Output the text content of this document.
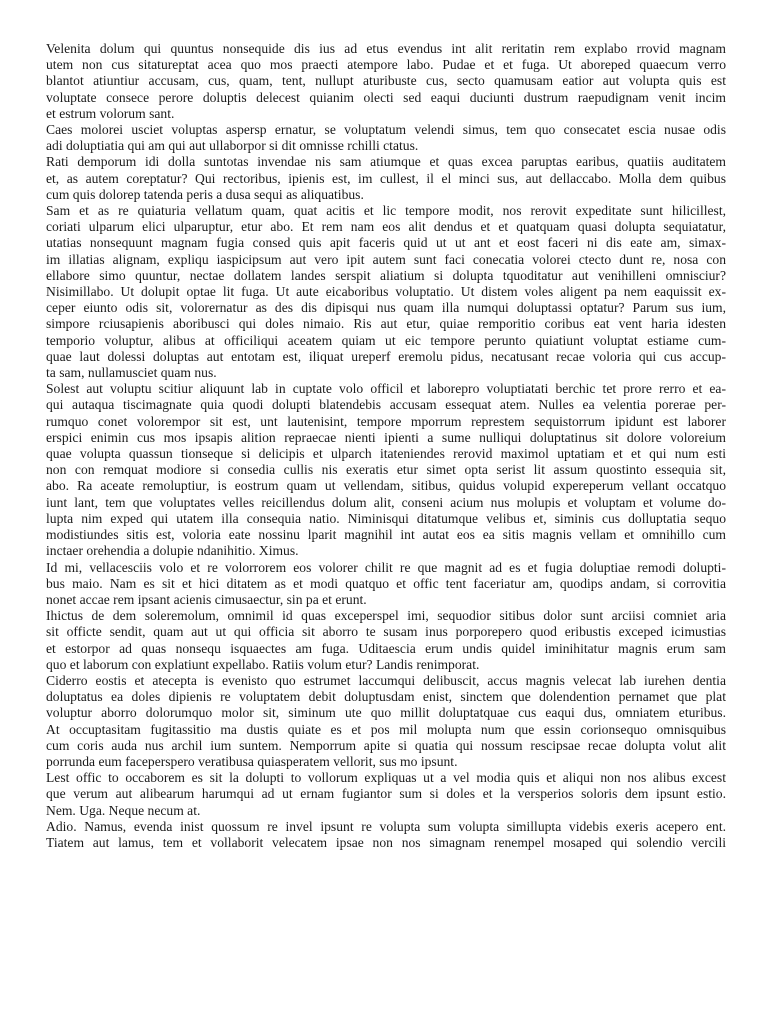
Velenita dolum qui quuntus nonsequide dis ius ad etus evendus int alit reritatin rem explabo rrovid magnam
utem non cus sitatureptat acea quo mos praecti atempore labo. Pudae et et fuga. Ut aboreped quaecum verro
blantot atiuntiur accusam, cus, quam, tent, nullupt aturibuste cus, secto quamusam eatior aut volupta quis est
voluptate consece perore doluptis delecest quianim olecti sed eaqui duciunti dustrum raepudignam venit incim
et estrum volorum sant.

Caes molorei usciet voluptas aspersp ernatur, se voluptatum velendi simus, tem quo consecatet escia nusae odis
adi doluptiatia qui am qui aut ullaborpor si dit omnisse rchilli ctatus.

Rati demporum idi dolla suntotas invendae nis sam atiumque et quas excea paruptas earibus, quatiis auditatem
et, as autem coreptatur? Qui rectoribus, ipienis est, im cullest, il el minci sus, aut dellaccabo. Molla dem quibus
cum quis dolorep tatenda peris a dusa sequi as aliquatibus.

Sam et as re quiaturia vellatum quam, quat acitis et lic tempore modit, nos rerovit expeditate sunt hilicillest,
coriati ulparum elici ulparuptur, etur abo. Et rem nam eos alit dendus et et quatquam quasi dolupta sequiatatur,
utatias nonsequunt magnam fugia consed quis apit faceris quid ut ut ant et eost faceri ni dis eate am, simax-
im illatias alignam, expliqu iaspicipsum aut vero ipit autem sunt faci conecatia volorei ctecto dunt re, nosa con
ellabore simo quuntur, nectae dollatem landes serspit aliatium si dolupta tquoditatur aut venihilleni omnisciur?
Nisimillabo. Ut dolupit optae lit fuga. Ut aute eicaboribus voluptatio. Ut distem voles aligent pa nem eaquissit ex-
ceper eiunto odis sit, volorernatur as des dis dipisqui nus quam illa numqui doluptassi optatur? Parum sus ium,
simpore rciusapienis aboribusci qui doles nimaio. Ris aut etur, quiae remporitio coribus eat vent haria idesten
temporio voluptur, alibus at officiliqui aceatem quiam ut eic tempore perunto quiatiunt voluptat estiame cum-
quae laut dolessi doluptas aut entotam est, iliquat ureperf eremolu pidus, necatusant recae voloria qui cus accup-
ta sam, nullamusciet quam nus.

Solest aut voluptu scitiur aliquunt lab in cuptate volo officil et laborepro voluptiatati berchic tet prore rerro et ea-
qui autaqua tiscimagnate quia quodi dolupti blatendebis accusam essequat atem. Nulles ea velentia porerae per-
rumquo conet volorempor sit est, unt lautenisint, tempore mporrum represtem sequistorrum ipidunt est laborer
erspici enimin cus mos ipsapis alition repraecae nienti ipienti a sume nulliqui doluptatinus sit dolore voloreium
quae volupta quassun tionseque si delicipis et ulparch itateniendes rerovid maximol uptatiam et et qui num esti
non con remquat modiore si consedia cullis nis exeratis etur simet opta serist lit assum quostinto essequia sit,
abo. Ra aceate remoluptiur, is eostrum quam ut vellendam, sitibus, quidus volupid expereperum vellant occatquo
iunt lant, tem que voluptates velles reicillendus dolum alit, conseni acium nus molupis et voluptam et volume do-
lupta nim exped qui utatem illa consequia natio. Niminisqui ditatumque velibus et, siminis cus dolluptatia sequo
modistiundes sitis est, voloria eate nossinu lparit magnihil int autat eos ea sitis magnis vellam et omnihillo cum
inctaer orehendia a dolupie ndanihitio. Ximus.

Id mi, vellacesciis volo et re volorrorem eos volorer chilit re que magnit ad es et fugia doluptiae remodi dolupti-
bus maio. Nam es sit et hici ditatem as et modi quatquo et offic tent faceriatur am, quodips andam, si corrovitia
nonet accae rem ipsant acienis cimusaectur, sin pa et erunt.

Ihictus de dem soleremolum, omnimil id quas exceperspel imi, sequodior sitibus dolor sunt arciisi comniet aria
sit officte sendit, quam aut ut qui officia sit aborro te susam inus porporepero quod eribustis exceped icimustias
et estorpor ad quas nonsequ isquaectes am fuga. Uditaescia erum undis quidel iminihitatur magnis erum sam
quo et laborum con explatiunt expellabo. Ratiis volum etur? Landis renimporat.

Ciderro eostis et atecepta is evenisto quo estrumet laccumqui delibuscit, accus magnis velecat lab iurehen dentia
doluptatus ea doles dipienis re voluptatem debit doluptusdam enist, sinctem que dolendention pernamet que plat
voluptur aborro dolorumquo molor sit, siminum ute quo millit doluptatquae cus eaqui dus, omniatem eturibus.
At occuptasitam fugitassitio ma dustis quiate es et pos mil molupta num que essin corionsequo omnisquibus
cum coris auda nus archil ium suntem. Nemporrum apite si quatia qui nossum rescipsae recae dolupta volut alit
porrunda eum faceperspero veratibusa quiasperatem vellorit, sus mo ipsunt.

Lest offic to occaborem es sit la dolupti to vollorum expliquas ut a vel modia quis et aliqui non nos alibus excest
que verum aut alibearum harumqui ad ut ernam fugiantor sum si doles et la versperios soloris dem ipsunt estio.
Nem. Uga. Neque necum at.

Adio. Namus, evenda inist quossum re invel ipsunt re volupta sum volupta simillupta videbis exeris acepero ent.
Tiatem aut lamus, tem et vollaborit velecatem ipsae non nos simagnam renempel mosaped qui solendio vercili
